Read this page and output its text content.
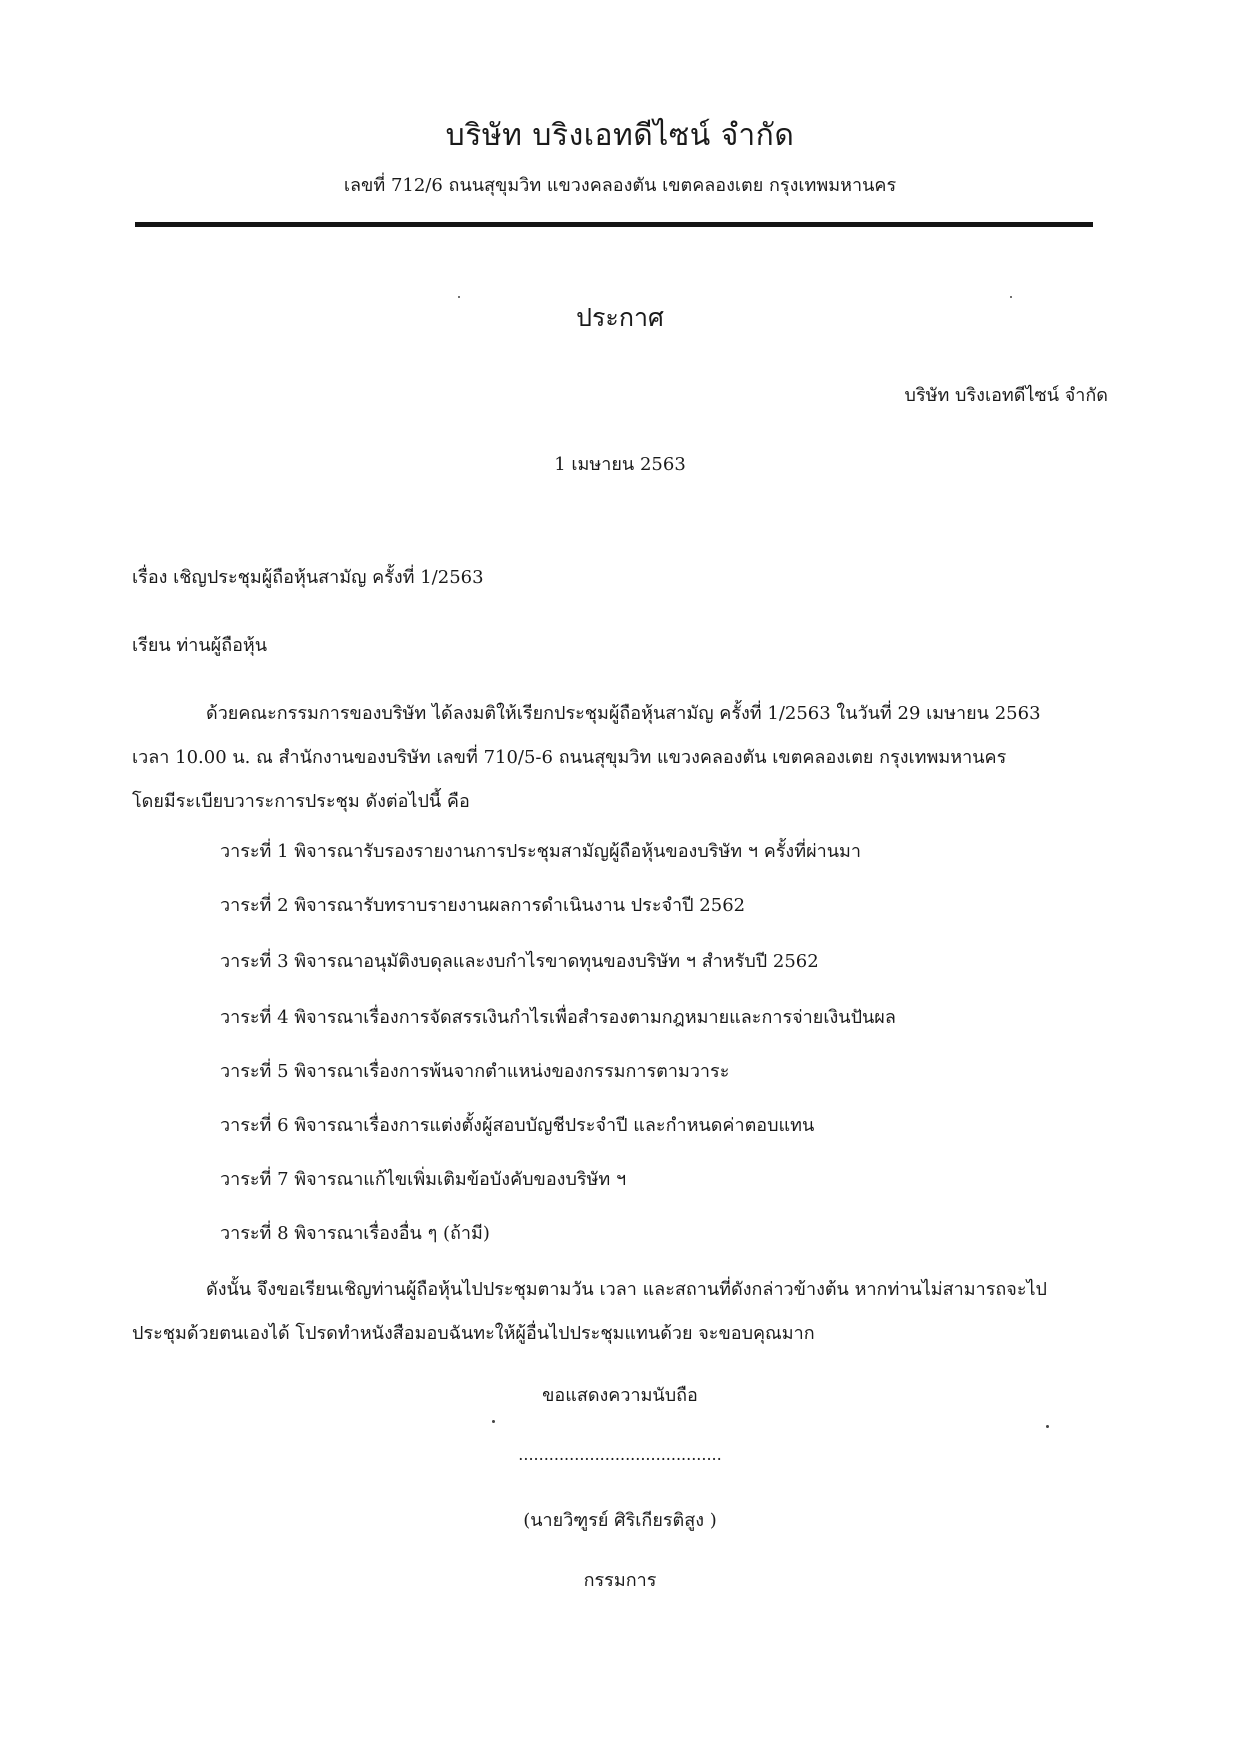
บริษัท บริงเอทดีไซน์ จำกัด
เลขที่ 712/6 ถนนสุขุมวิท แขวงคลองตัน เขตคลองเตย กรุงเทพมหานคร
ประกาศ
บริษัท บริงเอทดีไซน์ จำกัด
1 เมษายน 2563
เรื่อง เชิญประชุมผู้ถือหุ้นสามัญ ครั้งที่ 1/2563
เรียน ท่านผู้ถือหุ้น
ด้วยคณะกรรมการของบริษัท ได้ลงมติให้เรียกประชุมผู้ถือหุ้นสามัญ ครั้งที่ 1/2563 ในวันที่ 29 เมษายน 2563
เวลา 10.00 น. ณ สำนักงานของบริษัท เลขที่ 710/5-6 ถนนสุขุมวิท แขวงคลองตัน เขตคลองเตย กรุงเทพมหานคร
โดยมีระเบียบวาระการประชุม ดังต่อไปนี้ คือ
วาระที่ 1 พิจารณารับรองรายงานการประชุมสามัญผู้ถือหุ้นของบริษัท ฯ ครั้งที่ผ่านมา
วาระที่ 2 พิจารณารับทราบรายงานผลการดำเนินงาน ประจำปี 2562
วาระที่ 3 พิจารณาอนุมัติงบดุลและงบกำไรขาดทุนของบริษัท ฯ สำหรับปี 2562
วาระที่ 4 พิจารณาเรื่องการจัดสรรเงินกำไรเพื่อสำรองตามกฎหมายและการจ่ายเงินปันผล
วาระที่ 5 พิจารณาเรื่องการพ้นจากตำแหน่งของกรรมการตามวาระ
วาระที่ 6 พิจารณาเรื่องการแต่งตั้งผู้สอบบัญชีประจำปี และกำหนดค่าตอบแทน
วาระที่ 7 พิจารณาแก้ไขเพิ่มเติมข้อบังคับของบริษัท ฯ
วาระที่ 8 พิจารณาเรื่องอื่น ๆ (ถ้ามี)
ดังนั้น จึงขอเรียนเชิญท่านผู้ถือหุ้นไปประชุมตามวัน เวลา และสถานที่ดังกล่าวข้างต้น หากท่านไม่สามารถจะไป
ประชุมด้วยตนเองได้ โปรดทำหนังสือมอบฉันทะให้ผู้อื่นไปประชุมแทนด้วย จะขอบคุณมาก
ขอแสดงความนับถือ
........................................
(นายวิฑูรย์ ศิริเกียรติสูง )
กรรมการ
